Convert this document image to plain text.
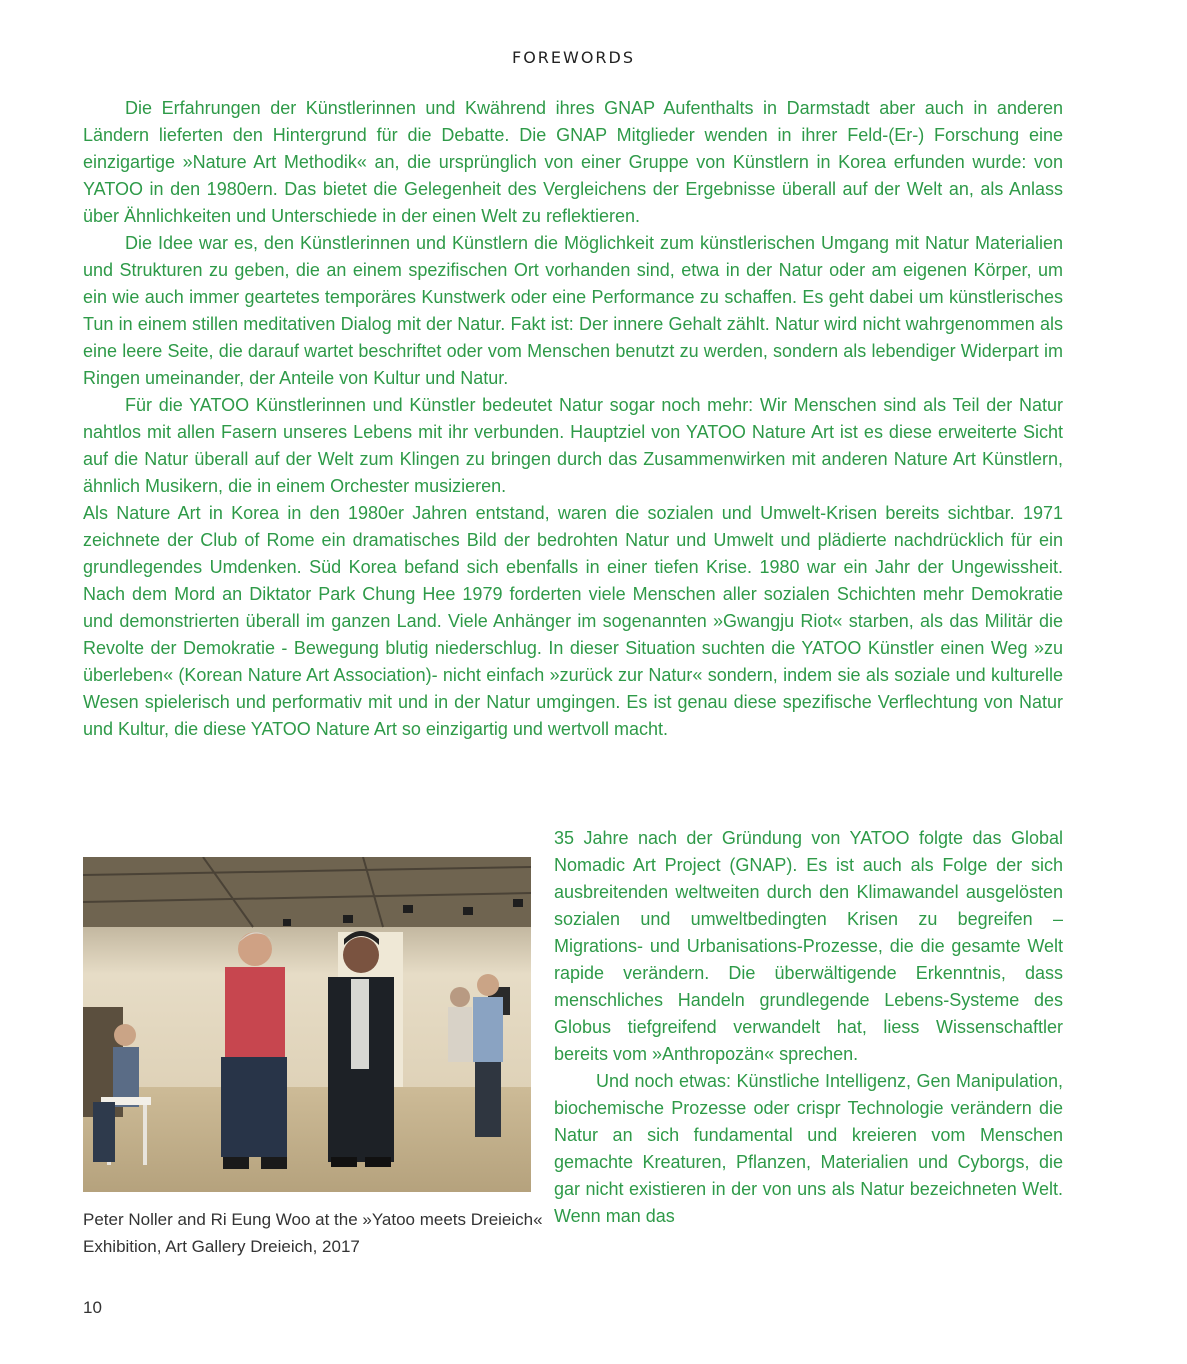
FOREWORDS

Die Erfahrungen der Künstlerinnen und Kwährend ihres GNAP Aufenthalts in Darmstadt aber auch in anderen Ländern lieferten den Hintergrund für die Debatte. Die GNAP Mitglieder wenden in ihrer Feld-(Er-) Forschung eine einzigartige »Nature Art Methodik« an, die ursprünglich von einer Gruppe von Künstlern in Korea erfunden wurde: von YATOO in den 1980ern. Das bietet die Gelegenheit des Vergleichens der Ergebnisse überall auf der Welt an, als Anlass über Ähnlichkeiten und Unterschiede in der einen Welt zu reflektieren.

Die Idee war es, den Künstlerinnen und Künstlern die Möglichkeit zum künstlerischen Umgang mit Natur Materialien und Strukturen zu geben, die an einem spezifischen Ort vorhanden sind, etwa in der Natur oder am eigenen Körper, um ein wie auch immer geartetes temporäres Kunstwerk oder eine Performance zu schaffen. Es geht dabei um künstlerisches Tun in einem stillen meditativen Dialog mit der Natur. Fakt ist: Der innere Gehalt zählt. Natur wird nicht wahrgenommen als eine leere Seite, die darauf wartet beschriftet oder vom Menschen benutzt zu werden, sondern als lebendiger Widerpart im Ringen umeinander, der Anteile von Kultur und Natur.

Für die YATOO Künstlerinnen und Künstler bedeutet Natur sogar noch mehr: Wir Menschen sind als Teil der Natur nahtlos mit allen Fasern unseres Lebens mit ihr verbunden. Hauptziel von YATOO Nature Art ist es diese erweiterte Sicht auf die Natur überall auf der Welt zum Klingen zu bringen durch das Zusammenwirken mit anderen Nature Art Künstlern, ähnlich Musikern, die in einem Orchester musizieren.

Als Nature Art in Korea in den 1980er Jahren entstand, waren die sozialen und Umwelt-Krisen bereits sichtbar. 1971 zeichnete der Club of Rome ein dramatisches Bild der bedrohten Natur und Umwelt und plädierte nachdrücklich für ein grundlegendes Umdenken. Süd Korea befand sich ebenfalls in einer tiefen Krise. 1980 war ein Jahr der Ungewissheit. Nach dem Mord an Diktator Park Chung Hee 1979 forderten viele Menschen aller sozialen Schichten mehr Demokratie und demonstrierten überall im ganzen Land. Viele Anhänger im sogenannten »Gwangju Riot« starben, als das Militär die Revolte der Demokratie - Bewegung blutig niederschlug. In dieser Situation suchten die YATOO Künstler einen Weg »zu überleben« (Korean Nature Art Association)- nicht einfach »zurück zur Natur« sondern, indem sie als soziale und kulturelle Wesen spielerisch und performativ mit und in der Natur umgingen. Es ist genau diese spezifische Verflechtung von Natur und Kultur, die diese YATOO Nature Art so einzigartig und wertvoll macht.

Peter Noller and Ri Eung Woo at the »Yatoo meets Dreieich« Exhibition, Art Gallery Dreieich, 2017

35 Jahre nach der Gründung von YATOO folgte das Global Nomadic Art Project (GNAP). Es ist auch als Folge der sich ausbreitenden weltweiten durch den Klimawandel ausgelösten sozialen und umweltbedingten Krisen zu begreifen – Migrations- und Urbanisations-Prozesse, die die gesamte Welt rapide verändern. Die überwältigende Erkenntnis, dass menschliches Handeln grundlegende Lebens-Systeme des Globus tiefgreifend verwandelt hat, liess Wissenschaftler bereits vom »Anthropozän« sprechen.

Und noch etwas: Künstliche Intelligenz, Gen Manipulation, biochemische Prozesse oder crispr Technologie verändern die Natur an sich fundamental und kreieren vom Menschen gemachte Kreaturen, Pflanzen, Materialien und Cyborgs, die gar nicht existieren in der von uns als Natur bezeichneten Welt. Wenn man das

10
